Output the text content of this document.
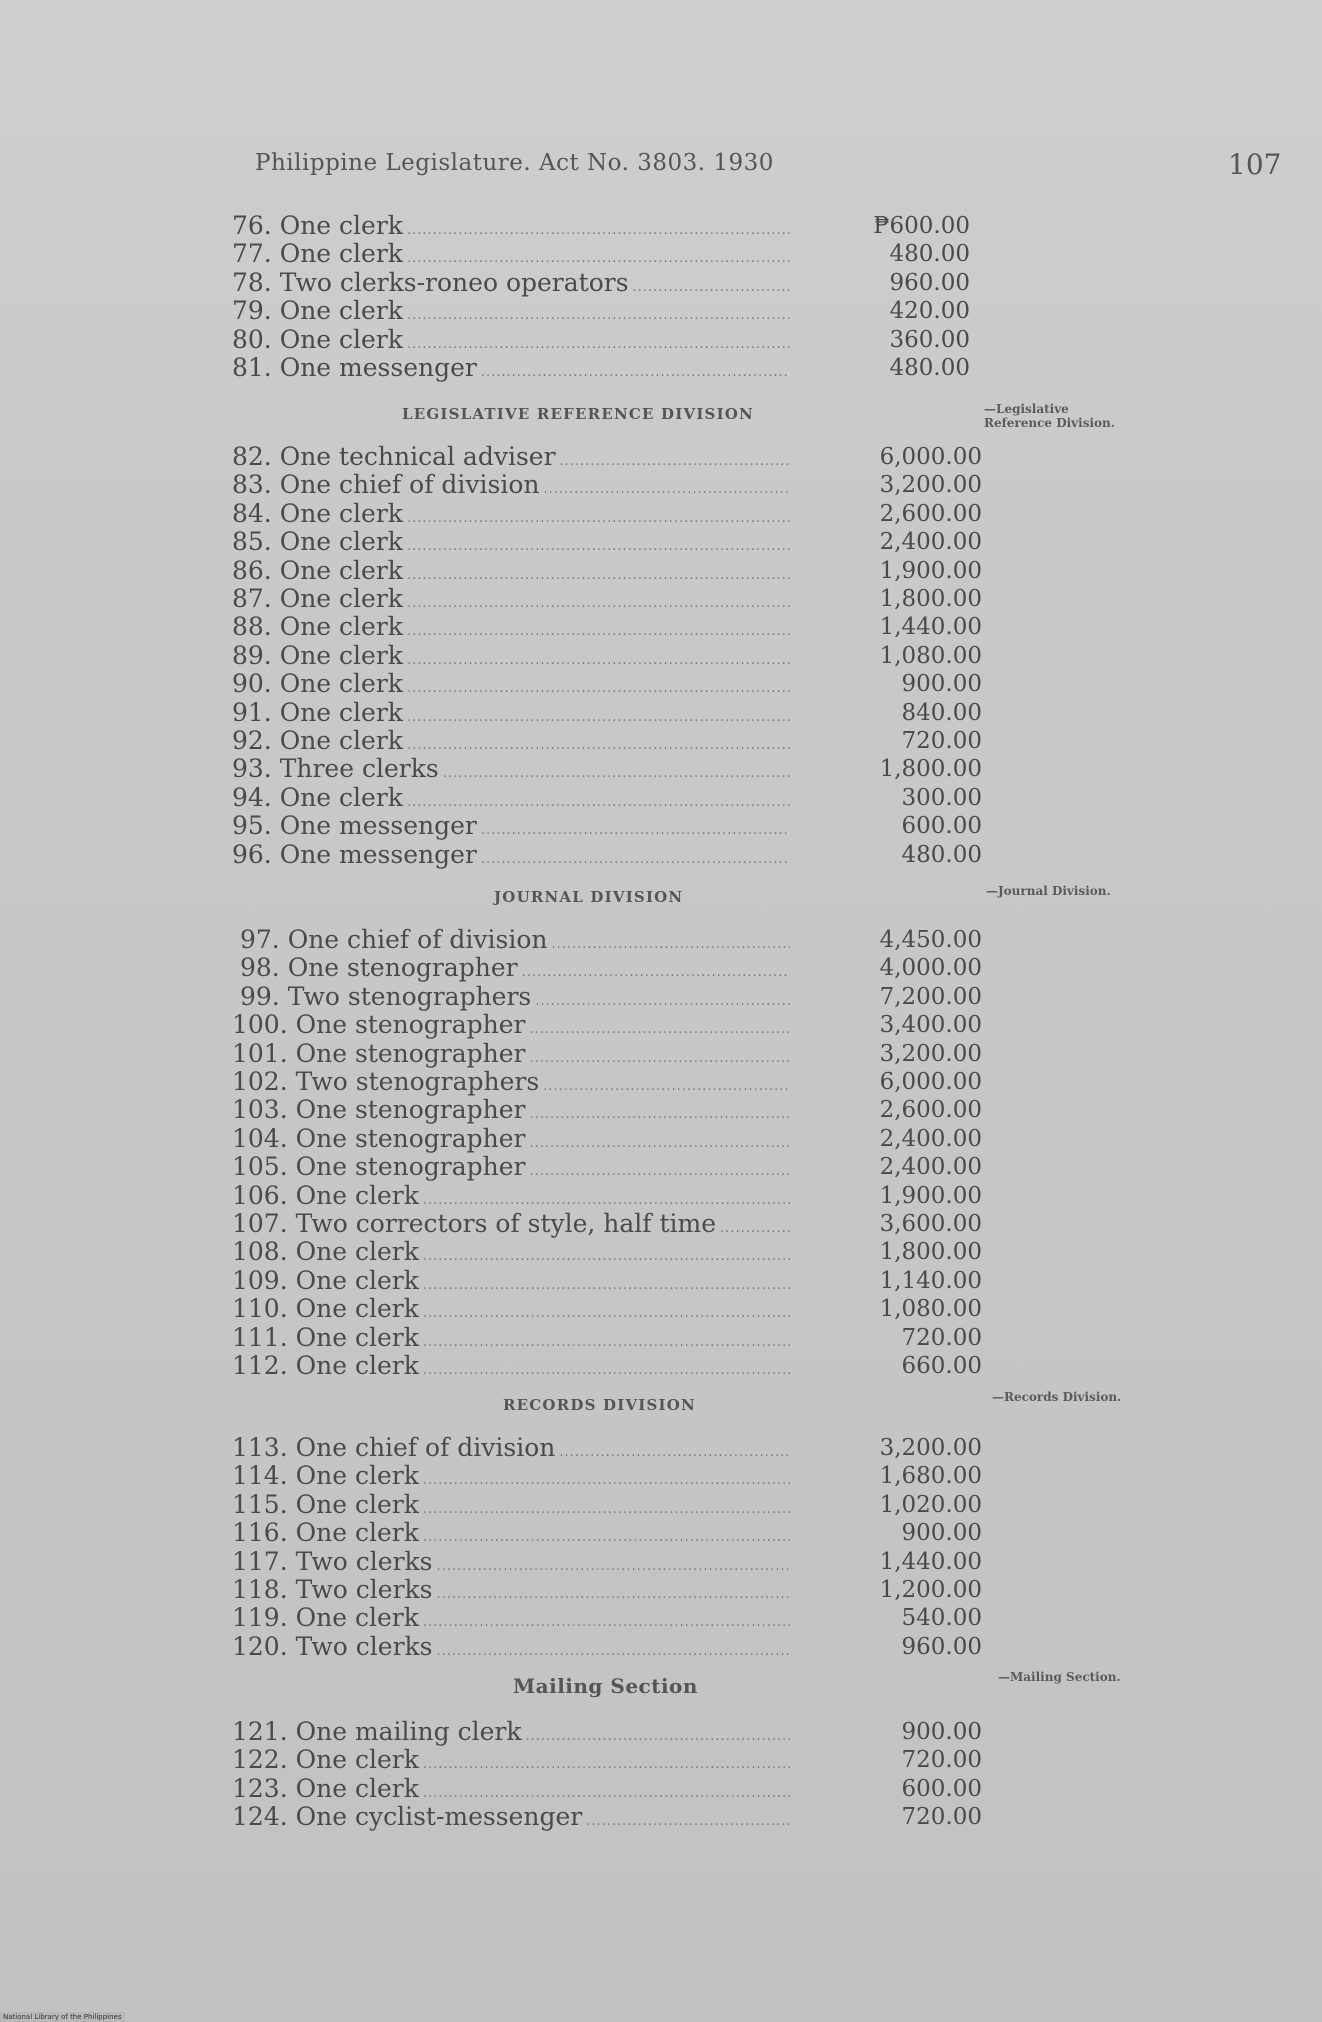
Philippine Legislature. Act No. 3803. 1930	107
76. One clerk .....	₱600.00
77. One clerk .....	480.00
78. Two clerks-roneo operators .....	960.00
79. One clerk .....	420.00
80. One clerk .....	360.00
81. One messenger .....	480.00
LEGISLATIVE REFERENCE DIVISION	—Legislative Reference Division.
82. One technical adviser .....	6,000.00
83. One chief of division .....	3,200.00
84. One clerk .....	2,600.00
85. One clerk .....	2,400.00
86. One clerk .....	1,900.00
87. One clerk .....	1,800.00
88. One clerk .....	1,440.00
89. One clerk .....	1,080.00
90. One clerk .....	900.00
91. One clerk .....	840.00
92. One clerk .....	720.00
93. Three clerks .....	1,800.00
94. One clerk .....	300.00
95. One messenger .....	600.00
96. One messenger .....	480.00
JOURNAL DIVISION	—Journal Division.
97. One chief of division .....	4,450.00
98. One stenographer .....	4,000.00
99. Two stenographers .....	7,200.00
100. One stenographer .....	3,400.00
101. One stenographer .....	3,200.00
102. Two stenographers .....	6,000.00
103. One stenographer .....	2,600.00
104. One stenographer .....	2,400.00
105. One stenographer .....	2,400.00
106. One clerk .....	1,900.00
107. Two correctors of style, half time .....	3,600.00
108. One clerk .....	1,800.00
109. One clerk .....	1,140.00
110. One clerk .....	1,080.00
111. One clerk .....	720.00
112. One clerk .....	660.00
RECORDS DIVISION	—Records Division.
113. One chief of division .....	3,200.00
114. One clerk .....	1,680.00
115. One clerk .....	1,020.00
116. One clerk .....	900.00
117. Two clerks .....	1,440.00
118. Two clerks .....	1,200.00
119. One clerk .....	540.00
120. Two clerks .....	960.00
Mailing Section	—Mailing Section.
121. One mailing clerk .....	900.00
122. One clerk .....	720.00
123. One clerk .....	600.00
124. One cyclist-messenger .....	720.00
National Library of the Philippines
